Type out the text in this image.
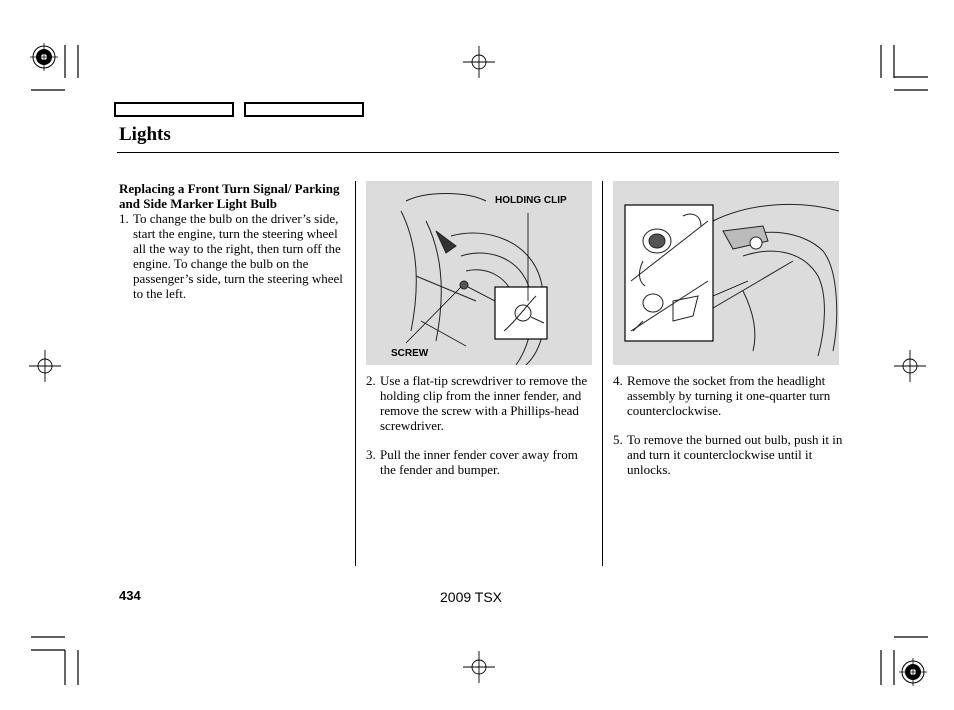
Lights

Replacing a Front Turn Signal/ Parking and Side Marker Light Bulb

1. To change the bulb on the driver’s side, start the engine, turn the steering wheel all the way to the right, then turn off the engine. To change the bulb on the passenger’s side, turn the steering wheel to the left.
HOLDING CLIP
SCREW
2. Use a flat-tip screwdriver to remove the holding clip from the inner fender, and remove the screw with a Phillips-head screwdriver.
3. Pull the inner fender cover away from the fender and bumper.
4. Remove the socket from the headlight assembly by turning it one-quarter turn counterclockwise.
5. To remove the burned out bulb, push it in and turn it counterclockwise until it unlocks.
434	2009 TSX
